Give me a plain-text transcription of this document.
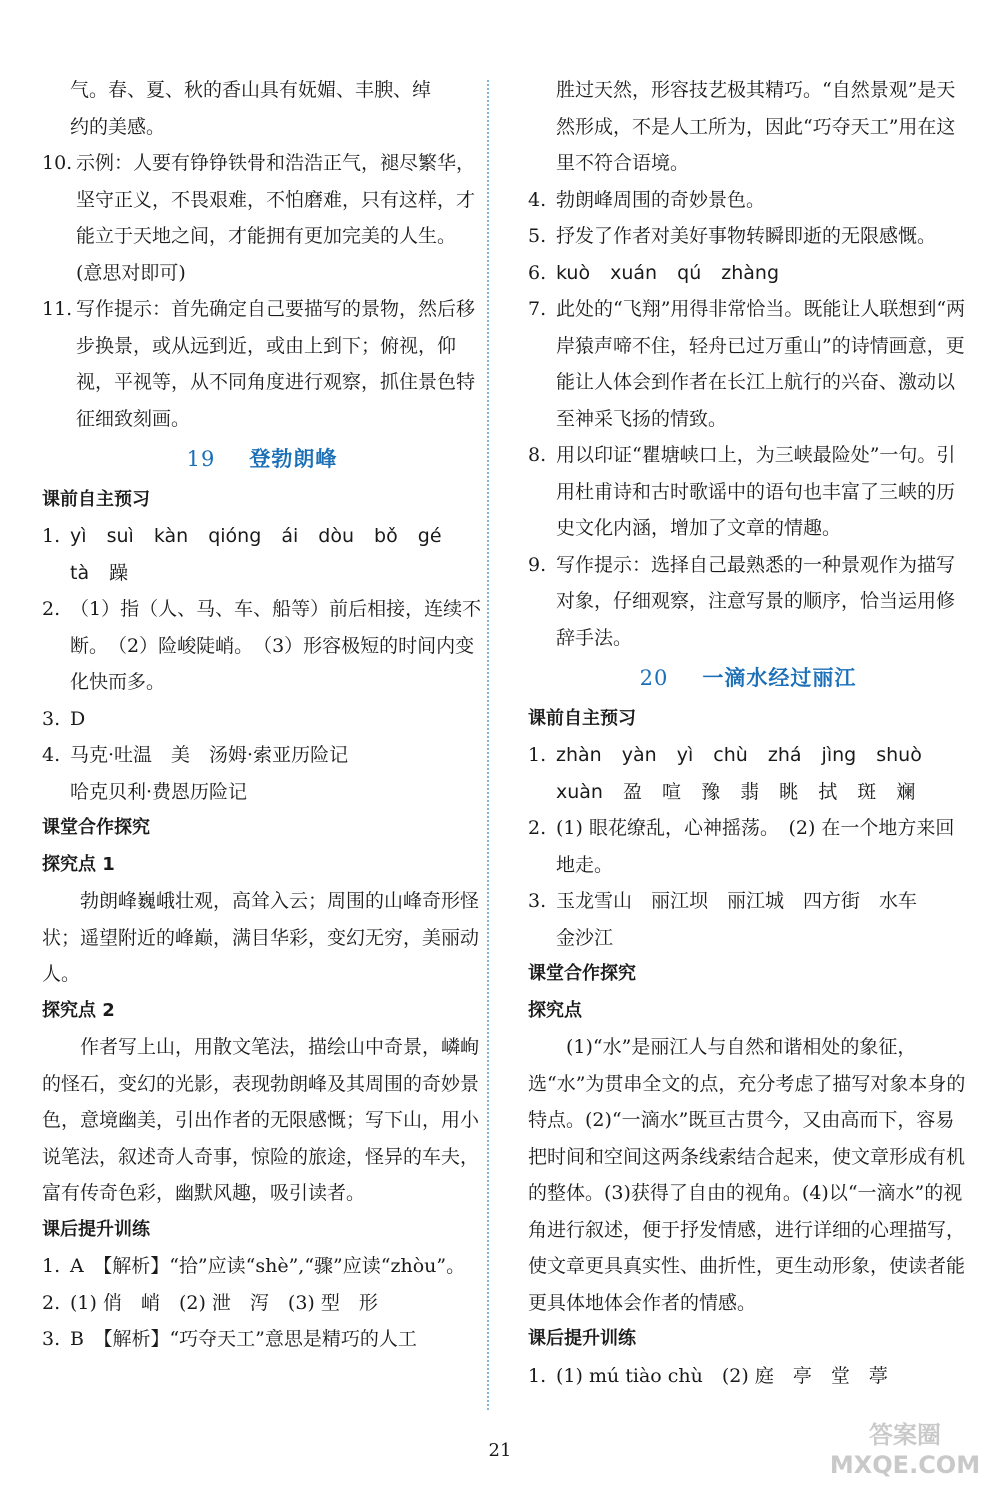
气。春、夏、秋的香山具有妩媚、丰腴、绰
约的美感。
10. 示例：人要有铮铮铁骨和浩浩正气，褪尽繁华，坚守正义，不畏艰难，不怕磨难，只有这样，才能立于天地之间，才能拥有更加完美的人生。(意思对即可)
11. 写作提示：首先确定自己要描写的景物，然后移步换景，或从远到近，或由上到下；俯视，仰视，平视等，从不同角度进行观察，抓住景色特征细致刻画。
19 登勃朗峰
课前自主预习
1. yì suì kàn qióng ái dòu bǒ gé
tà 躁
2. （1）指（人、马、车、船等）前后相接，连续不断。　（2）险峻陡峭。　（3）形容极短的时间内变化快而多。
3. D
4. 马克·吐温　美　汤姆·索亚历险记
哈克贝利·费恩历险记
课堂合作探究
探究点 1
勃朗峰巍峨壮观，高耸入云；周围的山峰奇形怪状；遥望附近的峰巅，满目华彩，变幻无穷，美丽动人。
探究点 2
作者写上山，用散文笔法，描绘山中奇景，嶙峋的怪石，变幻的光影，表现勃朗峰及其周围的奇妙景色，意境幽美，引出作者的无限感慨；写下山，用小说笔法，叙述奇人奇事，惊险的旅途，怪异的车夫，富有传奇色彩，幽默风趣，吸引读者。
课后提升训练
1. A　【解析】“拾”应读“shè”,“骤”应读“zhòu”。
2. (1) 俏　峭　(2) 泄　泻　(3) 型　形
3. B　【解析】“巧夺天工”意思是精巧的人工
胜过天然，形容技艺极其精巧。“自然景观”是天然形成，不是人工所为，因此“巧夺天工”用在这里不符合语境。
4. 勃朗峰周围的奇妙景色。
5. 抒发了作者对美好事物转瞬即逝的无限感慨。
6. kuò xuán qú zhàng
7. 此处的“飞翔”用得非常恰当。既能让人联想到“两岸猿声啼不住，轻舟已过万重山”的诗情画意，更能让人体会到作者在长江上航行的兴奋、激动以至神采飞扬的情致。
8. 用以印证“瞿塘峡口上，为三峡最险处”一句。引用杜甫诗和古时歌谣中的语句也丰富了三峡的历史文化内涵，增加了文章的情趣。
9. 写作提示：选择自己最熟悉的一种景观作为描写对象，仔细观察，注意写景的顺序，恰当运用修辞手法。
20 一滴水经过丽江
课前自主预习
1. zhàn yàn yì chù zhá jìng shuò
xuàn 盈 喧 豫 翡 眺 拭 斑 斓
2. (1) 眼花缭乱，心神摇荡。　(2) 在一个地方来回地走。
3. 玉龙雪山　丽江坝　丽江城　四方街　水车
金沙江
课堂合作探究
探究点
(1)“水”是丽江人与自然和谐相处的象征，选“水”为贯串全文的点，充分考虑了描写对象本身的特点。(2)“一滴水”既亘古贯今，又由高而下，容易把时间和空间这两条线索结合起来，使文章形成有机的整体。(3)获得了自由的视角。(4)以“一滴水”的视角进行叙述，便于抒发情感，进行详细的心理描写，使文章更具真实性、曲折性，更生动形象，使读者能更具体地体会作者的情感。
课后提升训练
1. (1) mú tiào chù　(2) 庭　亭　堂　葶
21
答案圈
MXQE.COM
